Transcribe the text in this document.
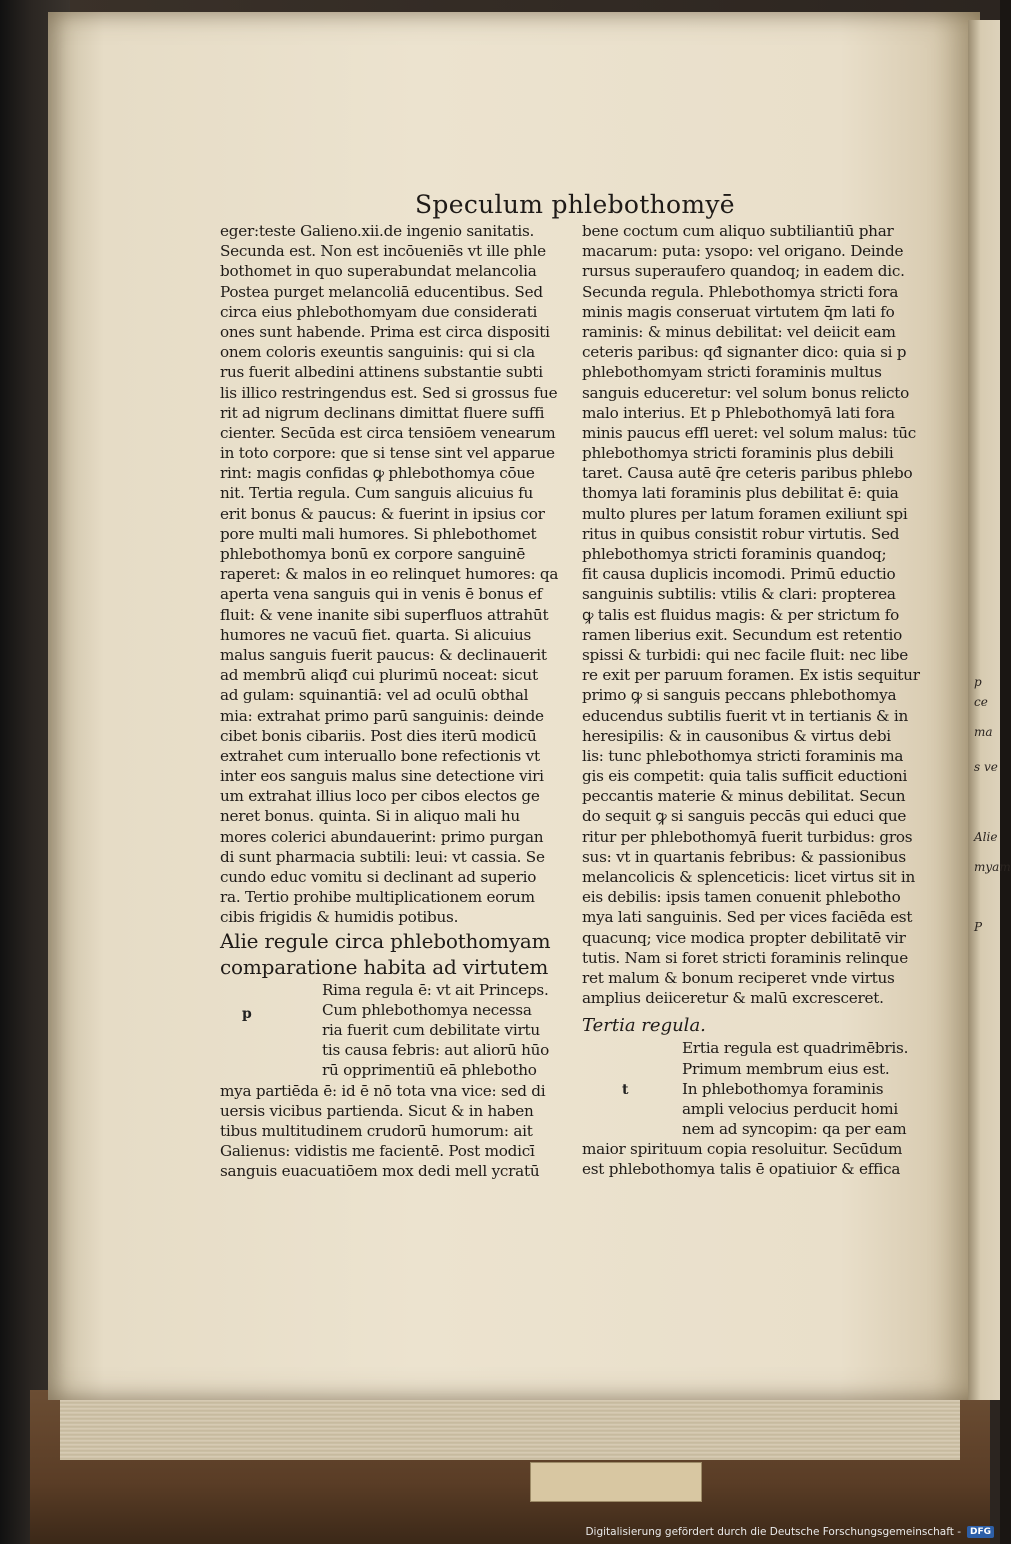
p
ce
ma
s ve
Alie
myam
P
Speculum phlebothomyē
eger:teste Galieno.xii.de ingenio sanitatis.
Secunda est. Non est incōueniēs vt ille phle
bothomet in quo superabundat melancolia
Postea purget melancoliā educentibus. Sed
circa eius phlebothomyam due considerati
ones sunt habende. Prima est circa dispositi
onem coloris exeuntis sanguinis: qui si cla
rus fuerit albedini attinens substantie subti
lis illico restringendus est. Sed si grossus fue
rit ad nigrum declinans dimittat fluere suffi
cienter. Secūda est circa tensiōem venearum
in toto corpore: que si tense sint vel apparue
rint: magis confidas ꝙ phlebothomya cōue
nit. Tertia regula. Cum sanguis alicuius fu
erit bonus & paucus: & fuerint in ipsius cor
pore multi mali humores. Si phlebothomet
phlebothomya bonū ex corpore sanguinē
raperet: & malos in eo relinquet humores: qa
aperta vena sanguis qui in venis ē bonus ef
fluit: & vene inanite sibi superfluos attrahūt
humores ne vacuū fiet. quarta. Si alicuius
malus sanguis fuerit paucus: & declinauerit
ad membrū aliqđ cui plurimū noceat: sicut
ad gulam: squinantiā: vel ad oculū obthal
mia: extrahat primo parū sanguinis: deinde
cibet bonis cibariis. Post dies iterū modicū
extrahet cum interuallo bone refectionis vt
inter eos sanguis malus sine detectione viri
um extrahat illius loco per cibos electos ge
neret bonus. quinta. Si in aliquo mali hu
mores colerici abundauerint: primo purgan
di sunt pharmacia subtili: leui: vt cassia. Se
cundo educ vomitu si declinant ad superio
ra. Tertio prohibe multiplicationem eorum
cibis frigidis & humidis potibus.
Alie regule circa phlebothomyam
comparatione habita ad virtutem
p
Rima regula ē: vt ait Princeps.
Cum phlebothomya necessa
ria fuerit cum debilitate virtu
tis causa febris: aut aliorū hūo
rū opprimentiū eā phlebotho
mya partiēda ē: id ē nō tota vna vice: sed di
uersis vicibus partienda. Sicut & in haben
tibus multitudinem crudorū humorum: ait
Galienus: vidistis me facientē. Post modicī
sanguis euacuatiōem mox dedi mell ycratū
bene coctum cum aliquo subtiliantiū phar
macarum: puta: ysopo: vel origano. Deinde
rursus superaufero quandoq; in eadem dic.
Secunda regula. Phlebothomya stricti fora
minis magis conseruat virtutem q̄m lati fo
raminis: & minus debilitat: vel deiicit eam
ceteris paribus: qđ signanter dico: quia si p
phlebothomyam stricti foraminis multus
sanguis educeretur: vel solum bonus relicto
malo interius. Et p Phlebothomyā lati fora
minis paucus effl ueret: vel solum malus: tūc
phlebothomya stricti foraminis plus debili
taret. Causa autē q̄re ceteris paribus phlebo
thomya lati foraminis plus debilitat ē: quia
multo plures per latum foramen exiliunt spi
ritus in quibus consistit robur virtutis. Sed
phlebothomya stricti foraminis quandoq;
fit causa duplicis incomodi. Primū eductio
sanguinis subtilis: vtilis & clari: propterea
ꝙ talis est fluidus magis: & per strictum fo
ramen liberius exit. Secundum est retentio
spissi & turbidi: qui nec facile fluit: nec libe
re exit per paruum foramen. Ex istis sequitur
primo ꝙ si sanguis peccans phlebothomya
educendus subtilis fuerit vt in tertianis & in
heresipilis: & in causonibus & virtus debi
lis: tunc phlebothomya stricti foraminis ma
gis eis competit: quia talis sufficit eductioni
peccantis materie & minus debilitat. Secun
do sequit ꝙ si sanguis peccās qui educi que
ritur per phlebothomyā fuerit turbidus: gros
sus: vt in quartanis febribus: & passionibus
melancolicis & splenceticis: licet virtus sit in
eis debilis: ipsis tamen conuenit phlebotho
mya lati sanguinis. Sed per vices faciēda est
quacunq; vice modica propter debilitatē vir
tutis. Nam si foret stricti foraminis relinque
ret malum & bonum reciperet vnde virtus
amplius deiiceretur & malū excresceret.
Tertia regula.
t
Ertia regula est quadrimēbris.
Primum membrum eius est.
In phlebothomya foraminis
ampli velocius perducit homi
nem ad syncopim: qa per eam
maior spirituum copia resoluitur. Secūdum
est phlebothomya talis ē opatiuior & effica
Digitalisierung gefördert durch die Deutsche Forschungsgemeinschaft -	DFG
